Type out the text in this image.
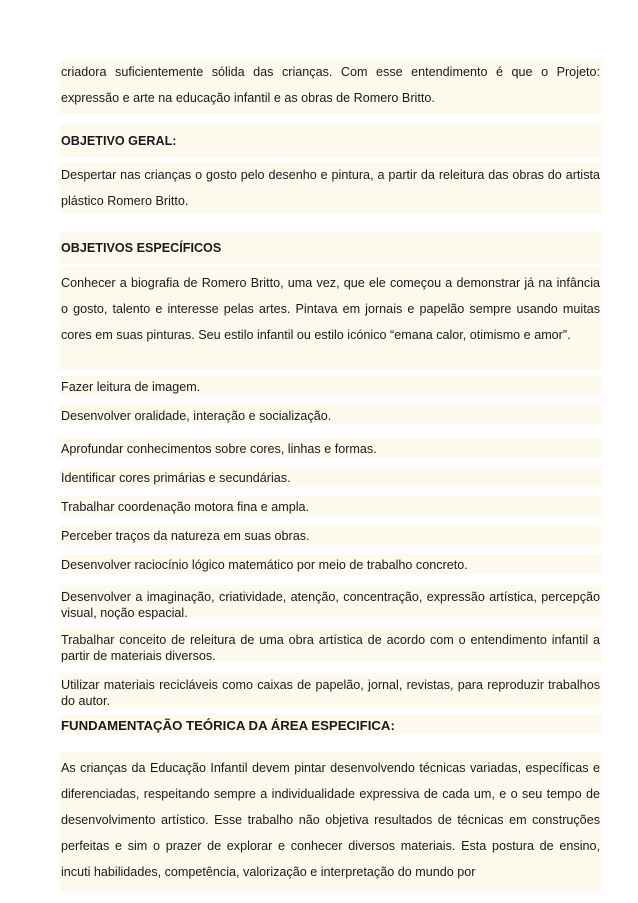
criadora suficientemente sólida das crianças. Com esse entendimento é que o Projeto: expressão e arte na educação infantil e as obras de Romero Britto.

OBJETIVO GERAL:

Despertar nas crianças o gosto pelo desenho e pintura, a partir da releitura das obras do artista plástico Romero Britto.

OBJETIVOS ESPECÍFICOS

Conhecer a biografia de Romero Britto, uma vez, que ele começou a demonstrar já na infância o gosto, talento e interesse pelas artes. Pintava em jornais e papelão sempre usando muitas cores em suas pinturas. Seu estilo infantil ou estilo icónico “emana calor, otimismo e amor”.

Fazer leitura de imagem.

Desenvolver oralidade, interação e socialização.

Aprofundar conhecimentos sobre cores, linhas e formas.

Identificar cores primárias e secundárias.

Trabalhar coordenação motora fina e ampla.

Perceber traços da natureza em suas obras.

Desenvolver raciocínio lógico matemático por meio de trabalho concreto.

Desenvolver a imaginação, criatividade, atenção, concentração, expressão artística, percepção visual, noção espacial.

Trabalhar conceito de releitura de uma obra artística de acordo com o entendimento infantil a partir de materiais diversos.

Utilizar materiais recicláveis como caixas de papelão, jornal, revistas, para reproduzir trabalhos do autor.

FUNDAMENTAÇÃO TEÓRICA DA ÁREA ESPECIFICA:

As crianças da Educação Infantil devem pintar desenvolvendo técnicas variadas, específicas e diferenciadas, respeitando sempre a individualidade expressiva de cada um, e o seu tempo de desenvolvimento artístico. Esse trabalho não objetiva resultados de técnicas em construções perfeitas e sim o prazer de explorar e conhecer diversos materiais. Esta postura de ensino, incuti habilidades, competência, valorização e interpretação do mundo por
